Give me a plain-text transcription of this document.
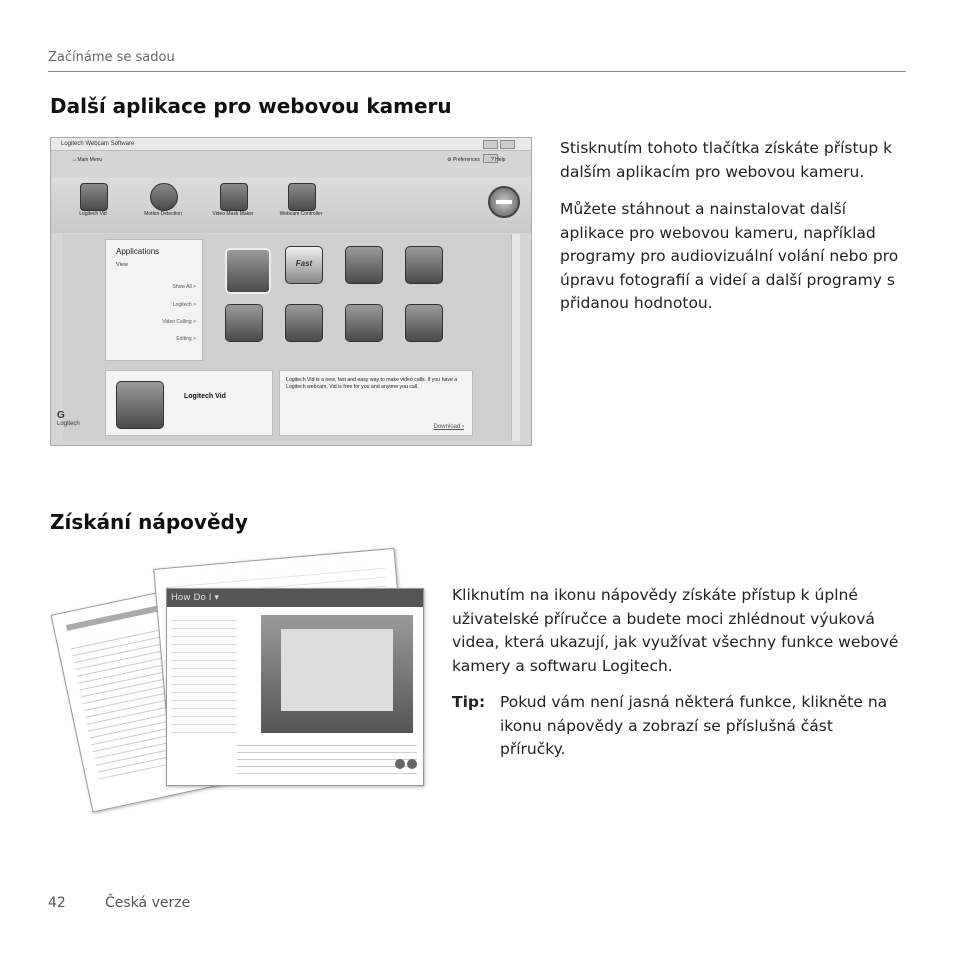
Začínáme se sadou
Další aplikace pro webovou kameru
Logitech Webcam Software

⌂ Main Menu	⚙ Preferences ? Help
Logitech Vid	Motion Detection	Video Mask Maker	Webcam Controller
Applications
View
Show All >
Logitech >
Video Calling >
Editing >
Fast
Logitech Vid
Logitech Vid is a new, fast and easy way to make video calls. If you have a Logitech webcam, Vid is free for you and anyone you call.
Download ›
G
Logitech
Stisknutím tohoto tlačítka získáte přístup k dalším aplikacím pro webovou kameru.
Můžete stáhnout a nainstalovat další aplikace pro webovou kameru, například programy pro audiovizuální volání nebo pro úpravu fotografií a videí a další programy s přidanou hodnotou.
Získání nápovědy
How Do I ▾	Kliknutím na ikonu nápovědy získáte přístup k úplné uživatelské příručce a budete moci zhlédnout výuková videa, která ukazují, jak využívat všechny funkce webové kamery a softwaru Logitech.
Tip: Pokud vám není jasná některá funkce, klikněte na ikonu nápovědy a zobrazí se příslušná část příručky.
42	Česká verze
